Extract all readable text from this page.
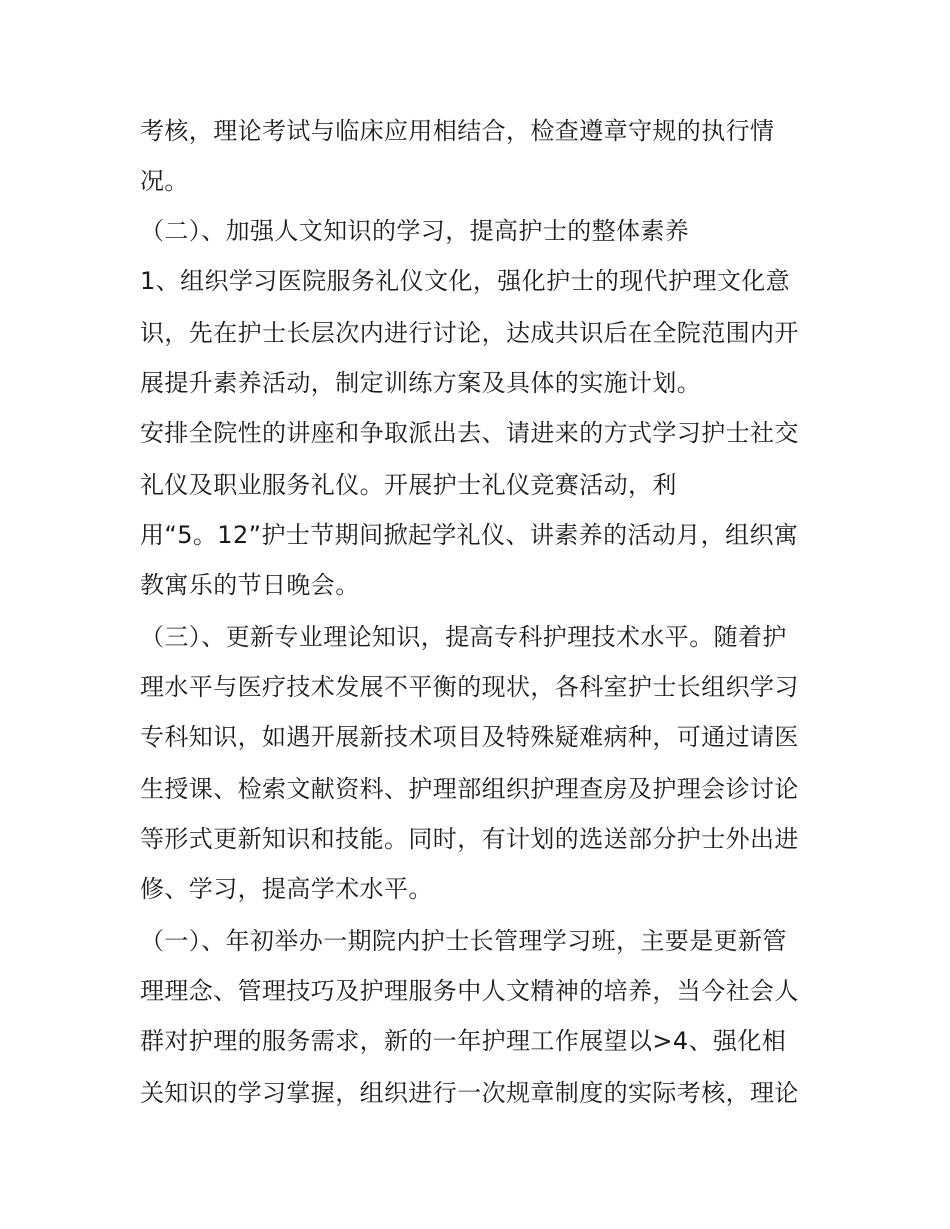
考核，理论考试与临床应用相结合，检查遵章守规的执行情
况。
（二）、加强人文知识的学习，提高护士的整体素养
1、组织学习医院服务礼仪文化，强化护士的现代护理文化意
识，先在护士长层次内进行讨论，达成共识后在全院范围内开
展提升素养活动，制定训练方案及具体的实施计划。
安排全院性的讲座和争取派出去、请进来的方式学习护士社交
礼仪及职业服务礼仪。开展护士礼仪竞赛活动，利
用“5。12”护士节期间掀起学礼仪、讲素养的活动月，组织寓
教寓乐的节日晚会。
（三）、更新专业理论知识，提高专科护理技术水平。随着护
理水平与医疗技术发展不平衡的现状，各科室护士长组织学习
专科知识，如遇开展新技术项目及特殊疑难病种，可通过请医
生授课、检索文献资料、护理部组织护理查房及护理会诊讨论
等形式更新知识和技能。同时，有计划的选送部分护士外出进
修、学习，提高学术水平。
（一）、年初举办一期院内护士长管理学习班，主要是更新管
理理念、管理技巧及护理服务中人文精神的培养，当今社会人
群对护理的服务需求，新的一年护理工作展望以>4、强化相
关知识的学习掌握，组织进行一次规章制度的实际考核，理论
